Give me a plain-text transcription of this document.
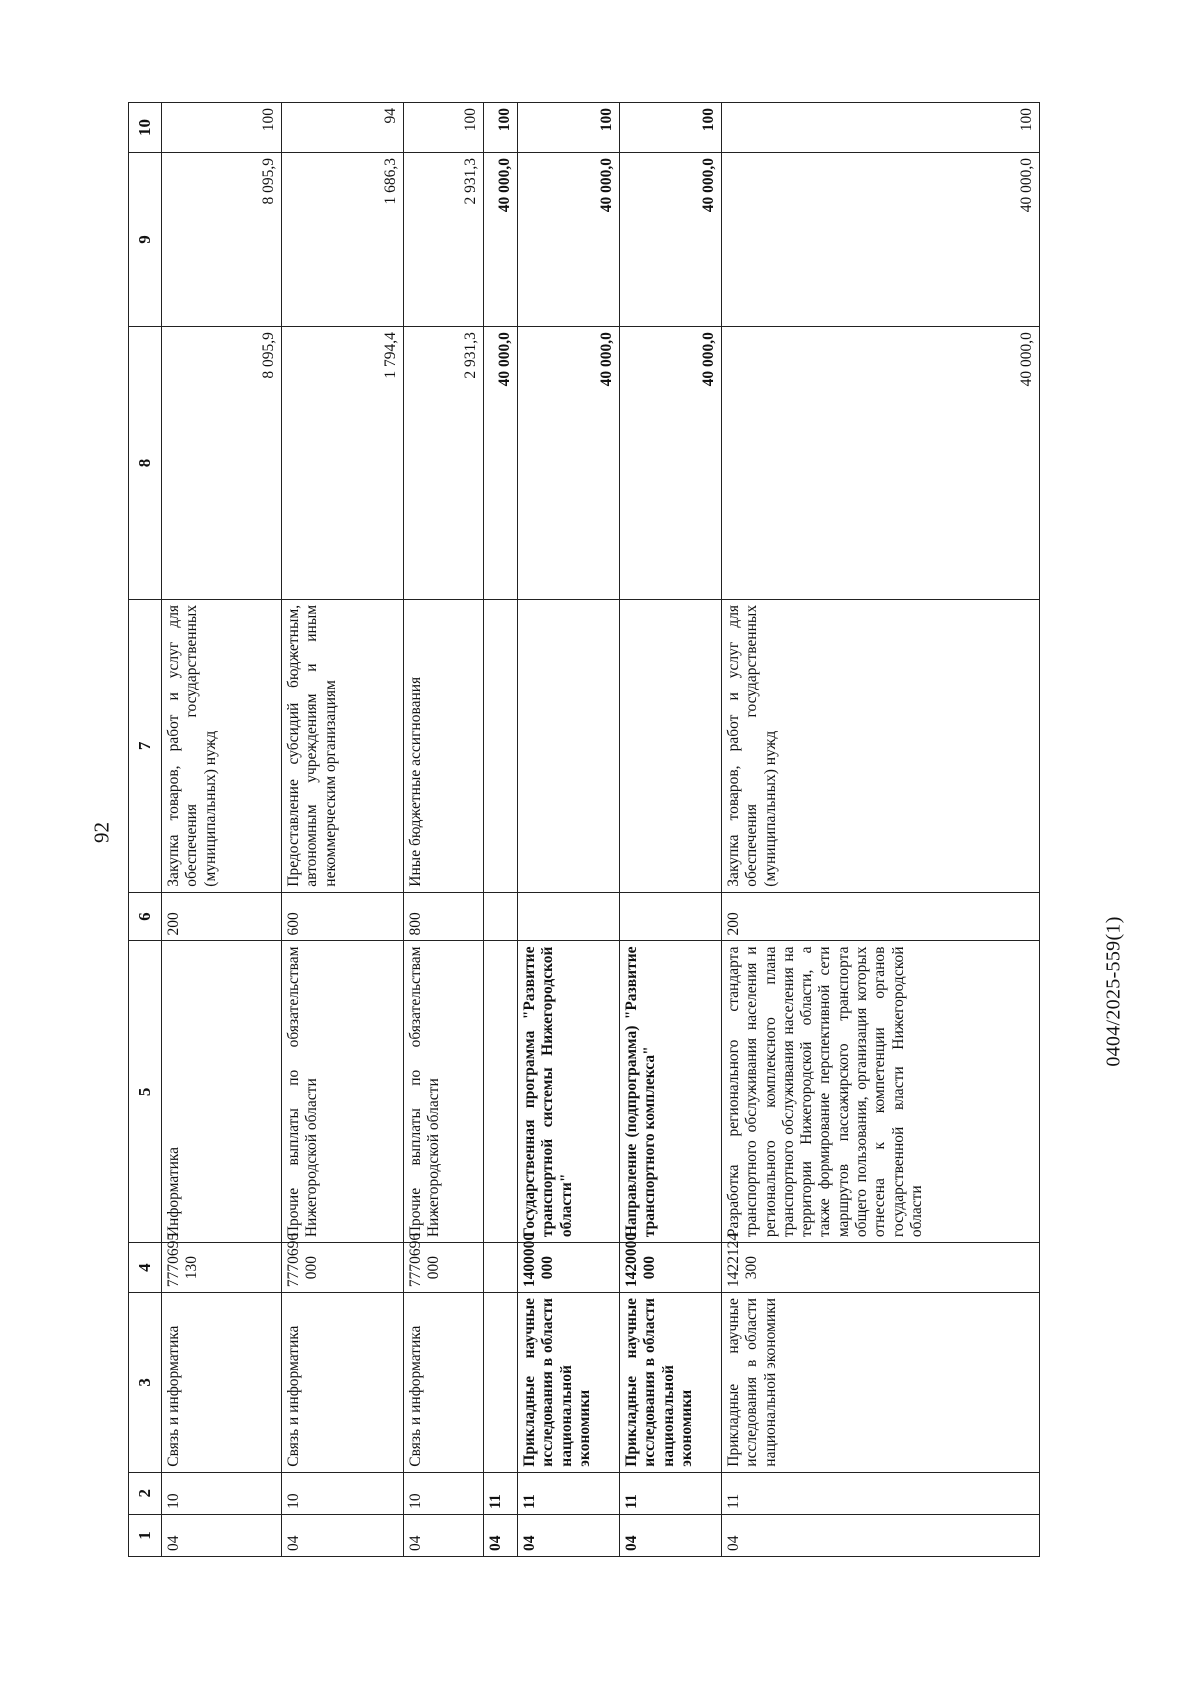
92
0404/2025-559(1)
1	2	3	4	5	6	7	8	9	10
04	10	Связь и информатика	7770695 130	Информатика	200	Закупка товаров, работ и услуг для обеспечения государственных (муниципальных) нужд	8 095,9	8 095,9	100
04	10	Связь и информатика	7770696 000	Прочие выплаты по обязательствам Нижегородской области	600	Предоставление субсидий бюджетным, автономным учреждениям и иным некоммерческим организациям	1 794,4	1 686,3	94
04	10	Связь и информатика	7770696 000	Прочие выплаты по обязательствам Нижегородской области	800	Иные бюджетные ассигнования	2 931,3	2 931,3	100
04	11						40 000,0	40 000,0	100
04	11	Прикладные научные исследования в области национальной экономики	1400000 000	Государственная программа "Развитие транспортной системы Нижегородской области"			40 000,0	40 000,0	100
04	11	Прикладные научные исследования в области национальной экономики	1420000 000	Направление (подпрограмма) "Развитие транспортного комплекса"			40 000,0	40 000,0	100
04	11	Прикладные научные исследования в области национальной экономики	1422124 300	Разработка регионального стандарта транспортного обслуживания населения и регионального комплексного плана транспортного обслуживания населения на территории Нижегородской области, а также формирование перспективной сети маршрутов пассажирского транспорта общего пользования, организация которых отнесена к компетенции органов государственной власти Нижегородской области	200	Закупка товаров, работ и услуг для обеспечения государственных (муниципальных) нужд	40 000,0	40 000,0	100
